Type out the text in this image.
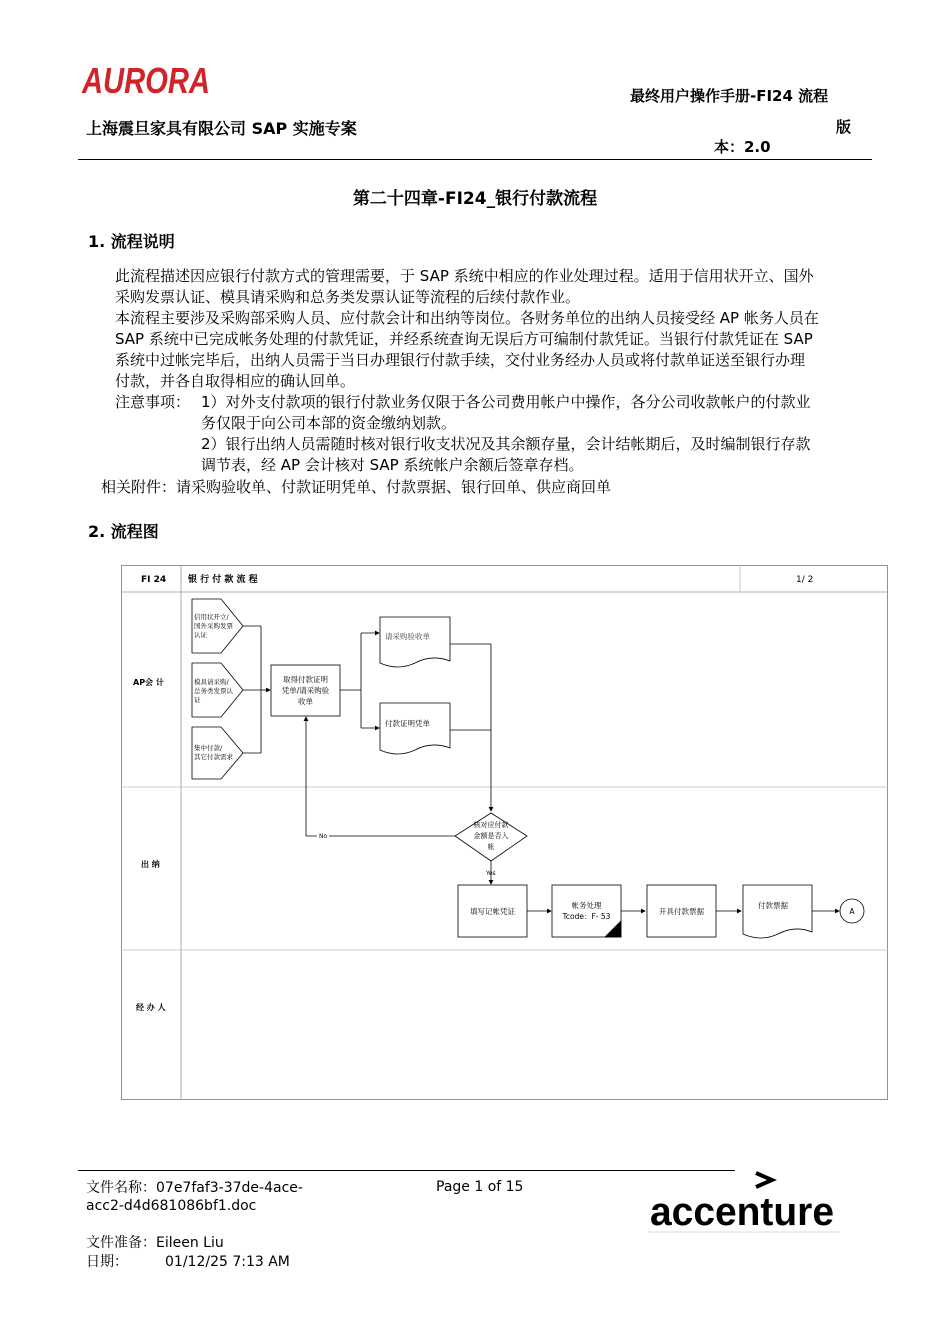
AURORA
上海震旦家具有限公司 SAP 实施专案
最终用户操作手册-FI24 流程
版
本：2.0
第二十四章-FI24_银行付款流程
1. 流程说明
此流程描述因应银行付款方式的管理需要，于 SAP 系统中相应的作业处理过程。适用于信用状开立、国外
采购发票认证、模具请采购和总务类发票认证等流程的后续付款作业。
本流程主要涉及采购部采购人员、应付款会计和出纳等岗位。各财务单位的出纳人员接受经 AP 帐务人员在
SAP 系统中已完成帐务处理的付款凭证，并经系统查询无误后方可编制付款凭证。当银行付款凭证在 SAP
系统中过帐完毕后，出纳人员需于当日办理银行付款手续，交付业务经办人员或将付款单证送至银行办理
付款，并各自取得相应的确认回单。
注意事项： 1）对外支付款项的银行付款业务仅限于各公司费用帐户中操作，各分公司收款帐户的付款业
务仅限于向公司本部的资金缴纳划款。
2）银行出纳人员需随时核对银行收支状况及其余额存量，会计结帐期后，及时编制银行存款
调节表，经 AP 会计核对 SAP 系统帐户余额后签章存档。
相关附件：请采购验收单、付款证明凭单、付款票据、银行回单、供应商回单
2. 流程图
FI 24 银 行 付 款 流 程	1/ 2
AP会 计
出 纳
经 办 人
信用状开立/
国外采购发票
认证
模具请采购/
总务类发票认
证
集中付款/
其它付款需求
取得付款证明
凭单/请采购验
收单
请采购验收单
付款证明凭单
核对应付款
金额是否入
帐
No
Yes
填写记帐凭证
帐务处理
Tcode：F- 53
开具付款票据
付款票据
A
文件名称：07e7faf3-37de-4ace-
acc2-d4d681086bf1.doc
Page 1 of 15
文件准备：Eileen Liu
日期：	01/12/25 7:13 AM
accenture
